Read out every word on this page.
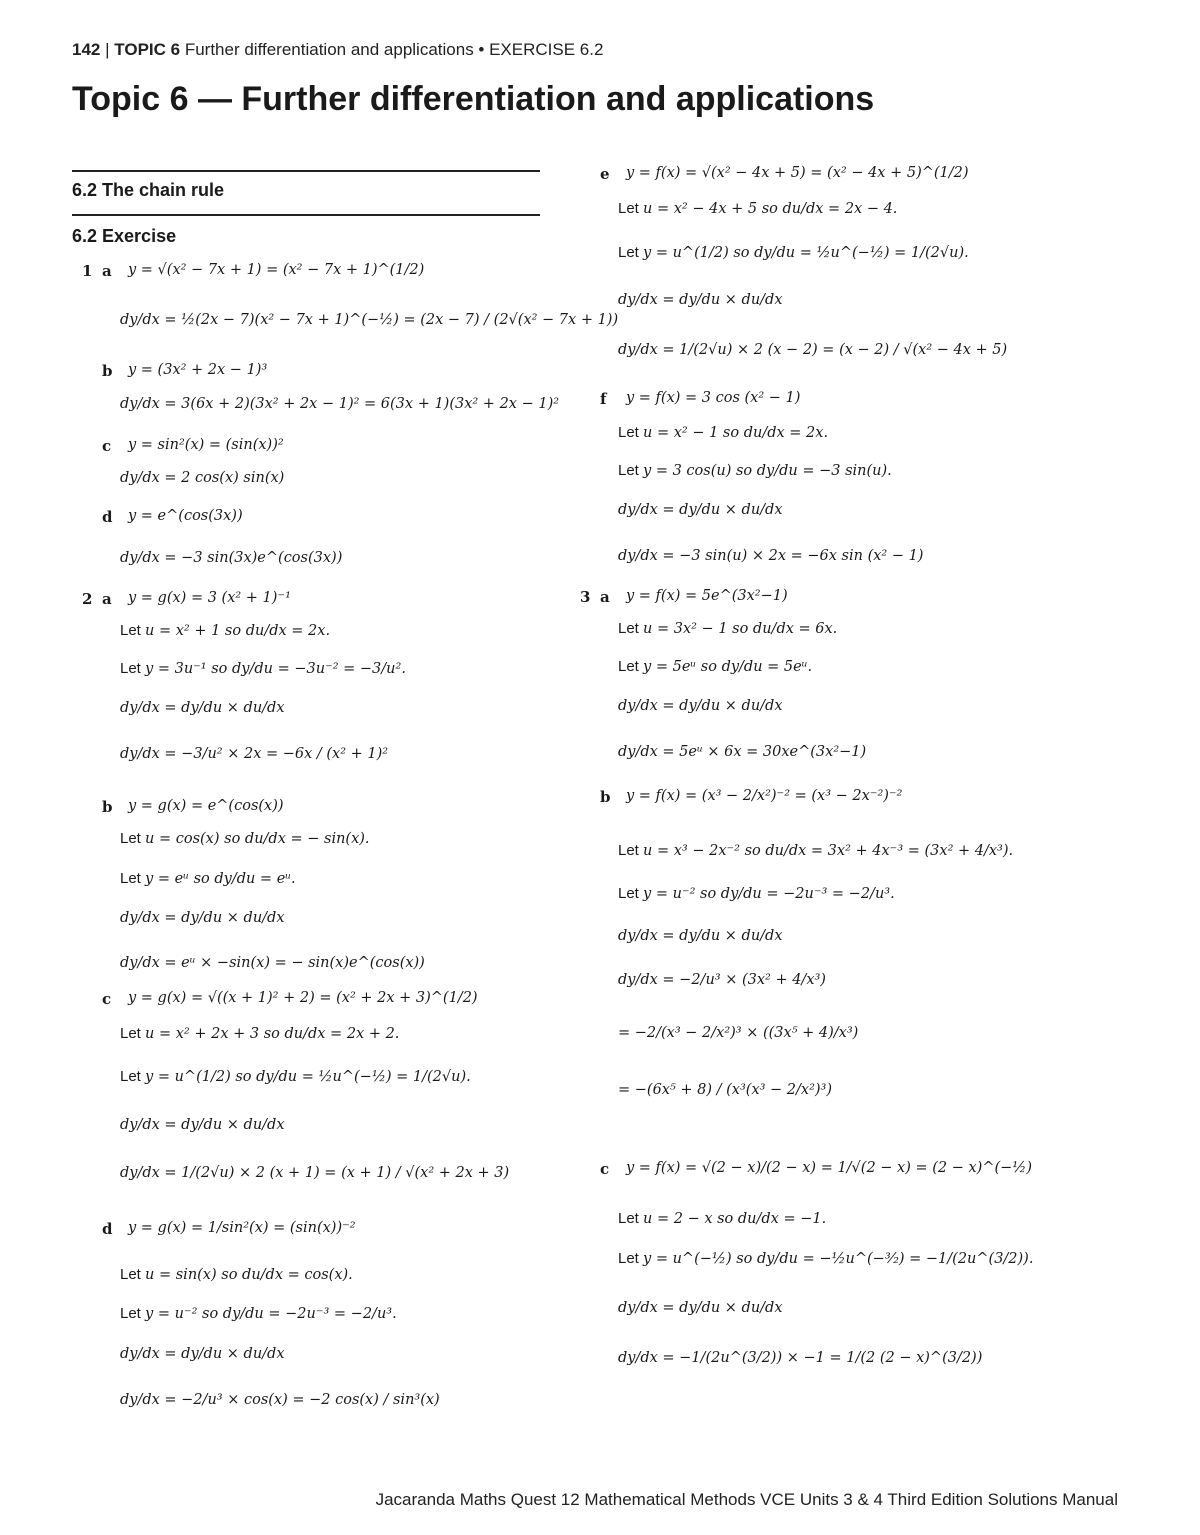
142 | TOPIC 6 Further differentiation and applications • EXERCISE 6.2
Topic 6 — Further differentiation and applications
6.2 The chain rule
6.2 Exercise
1 a y = √(x² − 7x + 1) = (x² − 7x + 1)^(1/2)
dy/dx = ½(2x − 7)(x² − 7x + 1)^(−½) = (2x − 7) / (2√(x² − 7x + 1))
b y = (3x² + 2x − 1)³
dy/dx = 3(6x + 2)(3x² + 2x − 1)² = 6(3x + 1)(3x² + 2x − 1)²
c y = sin²(x) = (sin(x))²
dy/dx = 2 cos(x) sin(x)
d y = e^(cos(3x))
dy/dx = −3 sin(3x)e^(cos(3x))
2 a y = g(x) = 3 (x² + 1)⁻¹
Let u = x² + 1 so du/dx = 2x.
Let y = 3u⁻¹ so dy/du = −3u⁻² = −3/u².
dy/dx = dy/du × du/dx
dy/dx = −3/u² × 2x = −6x / (x² + 1)²
b y = g(x) = e^(cos(x))
Let u = cos(x) so du/dx = − sin(x).
Let y = eᵘ so dy/du = eᵘ.
dy/dx = dy/du × du/dx
dy/dx = eᵘ × −sin(x) = − sin(x)e^(cos(x))
c y = g(x) = √((x + 1)² + 2) = (x² + 2x + 3)^(1/2)
Let u = x² + 2x + 3 so du/dx = 2x + 2.
Let y = u^(1/2) so dy/du = ½u^(−½) = 1/(2√u).
dy/dx = dy/du × du/dx
dy/dx = 1/(2√u) × 2 (x + 1) = (x + 1) / √(x² + 2x + 3)
d y = g(x) = 1/sin²(x) = (sin(x))⁻²
Let u = sin(x) so du/dx = cos(x).
Let y = u⁻² so dy/du = −2u⁻³ = −2/u³.
dy/dx = dy/du × du/dx
dy/dx = −2/u³ × cos(x) = −2 cos(x) / sin³(x)
e y = f(x) = √(x² − 4x + 5) = (x² − 4x + 5)^(1/2)
Let u = x² − 4x + 5 so du/dx = 2x − 4.
Let y = u^(1/2) so dy/du = ½u^(−½) = 1/(2√u).
dy/dx = dy/du × du/dx
dy/dx = 1/(2√u) × 2 (x − 2) = (x − 2) / √(x² − 4x + 5)
f y = f(x) = 3 cos (x² − 1)
Let u = x² − 1 so du/dx = 2x.
Let y = 3 cos(u) so dy/du = −3 sin(u).
dy/dx = dy/du × du/dx
dy/dx = −3 sin(u) × 2x = −6x sin (x² − 1)
3 a y = f(x) = 5e^(3x²−1)
Let u = 3x² − 1 so du/dx = 6x.
Let y = 5eᵘ so dy/du = 5eᵘ.
dy/dx = dy/du × du/dx
dy/dx = 5eᵘ × 6x = 30xe^(3x²−1)
b y = f(x) = (x³ − 2/x²)⁻² = (x³ − 2x⁻²)⁻²
Let u = x³ − 2x⁻² so du/dx = 3x² + 4x⁻³ = (3x² + 4/x³).
Let y = u⁻² so dy/du = −2u⁻³ = −2/u³.
dy/dx = dy/du × du/dx
dy/dx = −2/u³ × (3x² + 4/x³)
= −2/(x³ − 2/x²)³ × ((3x⁵ + 4)/x³)
= −(6x⁵ + 8) / (x³(x³ − 2/x²)³)
c y = f(x) = √(2 − x)/(2 − x) = 1/√(2 − x) = (2 − x)^(−½)
Let u = 2 − x so du/dx = −1.
Let y = u^(−½) so dy/du = −½u^(−³⁄₂) = −1/(2u^(3/2)).
dy/dx = dy/du × du/dx
dy/dx = −1/(2u^(3/2)) × −1 = 1/(2 (2 − x)^(3/2))
Jacaranda Maths Quest 12 Mathematical Methods VCE Units 3 & 4 Third Edition Solutions Manual
